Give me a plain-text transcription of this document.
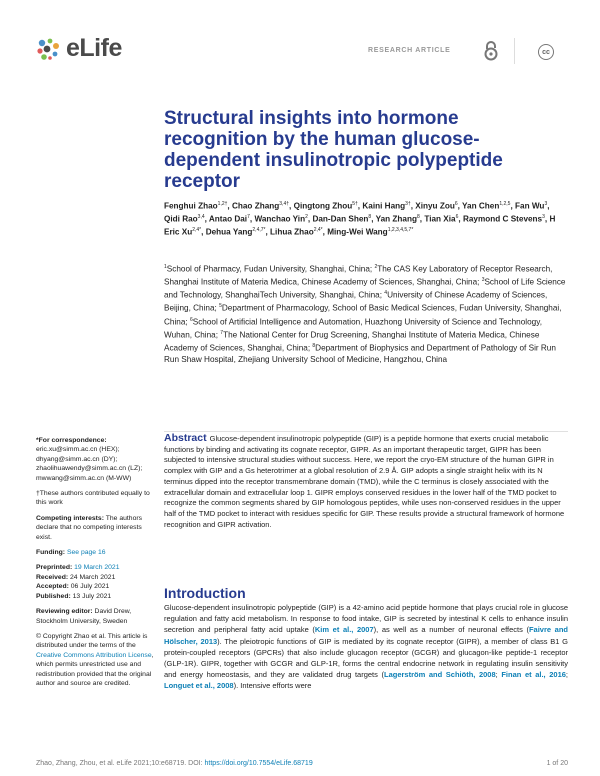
eLife	RESEARCH ARTICLE	cc
Structural insights into hormone recognition by the human glucose-dependent insulinotropic polypeptide receptor
Fenghui Zhao$^{1,2\dagger}$, Chao Zhang$^{3,4\dagger}$, Qingtong Zhou$^{5\dagger}$, Kaini Hang$^{3\dagger}$, Xinyu Zou$^6$, Yan Chen$^{1,2,5}$, Fan Wu$^3$, Qidi Rao$^{3,4}$, Antao Dai$^7$, Wanchao Yin$^2$, Dan-Dan Shen$^8$, Yan Zhang$^8$, Tian Xia$^6$, Raymond C Stevens$^3$, H Eric $Xu^{2,4*}$, Dehua Yang$^{2,4,7*}$, Lihua Zhao$^{2,4*}$, Ming-Wei Wang$^{1,2,3,4,5,7*}$
$^1$School of Pharmacy, Fudan University, Shanghai, China; $^2$The CAS Key Laboratory of Receptor Research, Shanghai Institute of Materia Medica, Chinese Academy of Sciences, Shanghai, China; $^3$School of Life Science and Technology, ShanghaiTech University, Shanghai, China; $^4$University of Chinese Academy of Sciences, Beijing, China; $^5$Department of Pharmacology, School of Basic Medical Sciences, Fudan University, Shanghai, China; $^6$School of Artificial Intelligence and Automation, Huazhong University of Science and Technology, Wuhan, China; $^7$The National Center for Drug Screening, Shanghai Institute of Materia Medica, Chinese Academy of Sciences, Shanghai, China; $^8$Department of Biophysics and Department of Pathology of Sir Run Run Shaw Hospital, Zhejiang University School of Medicine, Hangzhou, China
*For correspondence:
eric.xu@simm.ac.cn (HEX);
dhyang@simm.ac.cn (DY);
zhaolihuawendy@simm.ac.cn (LZ);
mwwang@simm.ac.cn (M-WW)
†These authors contributed equally to this work
Competing interests: The authors declare that no competing interests exist.
Funding: See page 16
Preprinted: 19 March 2021
Received: 24 March 2021
Accepted: 06 July 2021
Published: 13 July 2021
Reviewing editor: David Drew, Stockholm University, Sweden
© Copyright Zhao et al. This article is distributed under the terms of the Creative Commons Attribution License, which permits unrestricted use and redistribution provided that the original author and source are credited.

Abstract Glucose-dependent insulinotropic polypeptide (GIP) is a peptide hormone that exerts crucial metabolic functions by binding and activating its cognate receptor, GIPR. As an important therapeutic target, GIPR has been subjected to intensive structural studies without success. Here, we report the cryo-EM structure of the human GIPR in complex with GIP and a Gs heterotrimer at a global resolution of 2.9 Å. GIP adopts a single straight helix with its N terminus dipped into the receptor transmembrane domain (TMD), while the C terminus is closely associated with the extracellular domain and extracellular loop 1. GIPR employs conserved residues in the lower half of the TMD pocket to recognize the common segments shared by GIP homologous peptides, while uses non-conserved residues in the upper half of the TMD pocket to interact with residues specific for GIP. These results provide a structural framework of hormone recognition and GIPR activation.

Introduction

Glucose-dependent insulinotropic polypeptide (GIP) is a 42-amino acid peptide hormone that plays crucial role in glucose regulation and fatty acid metabolism. In response to food intake, GIP is secreted by intestinal K cells to enhance insulin secretion and peripheral fatty acid uptake (Kim et al., 2007), as well as a number of neuronal effects (Faivre and Hölscher, 2013). The pleiotropic functions of GIP is mediated by its cognate receptor (GIPR), a member of class B1 G protein-coupled receptors (GPCRs) that also include glucagon receptor (GCGR) and glucagon-like peptide-1 receptor (GLP-1R). GIPR, together with GCGR and GLP-1R, forms the central endocrine network in regulating insulin sensitivity and energy homeostasis, and they are validated drug targets (Lagerström and Schiöth, 2008; Finan et al., 2016; Longuet et al., 2008). Intensive efforts were

Zhao, Zhang, Zhou, et al. eLife 2021;10:e68719. DOI: https://doi.org/10.7554/eLife.68719	1 of 20
